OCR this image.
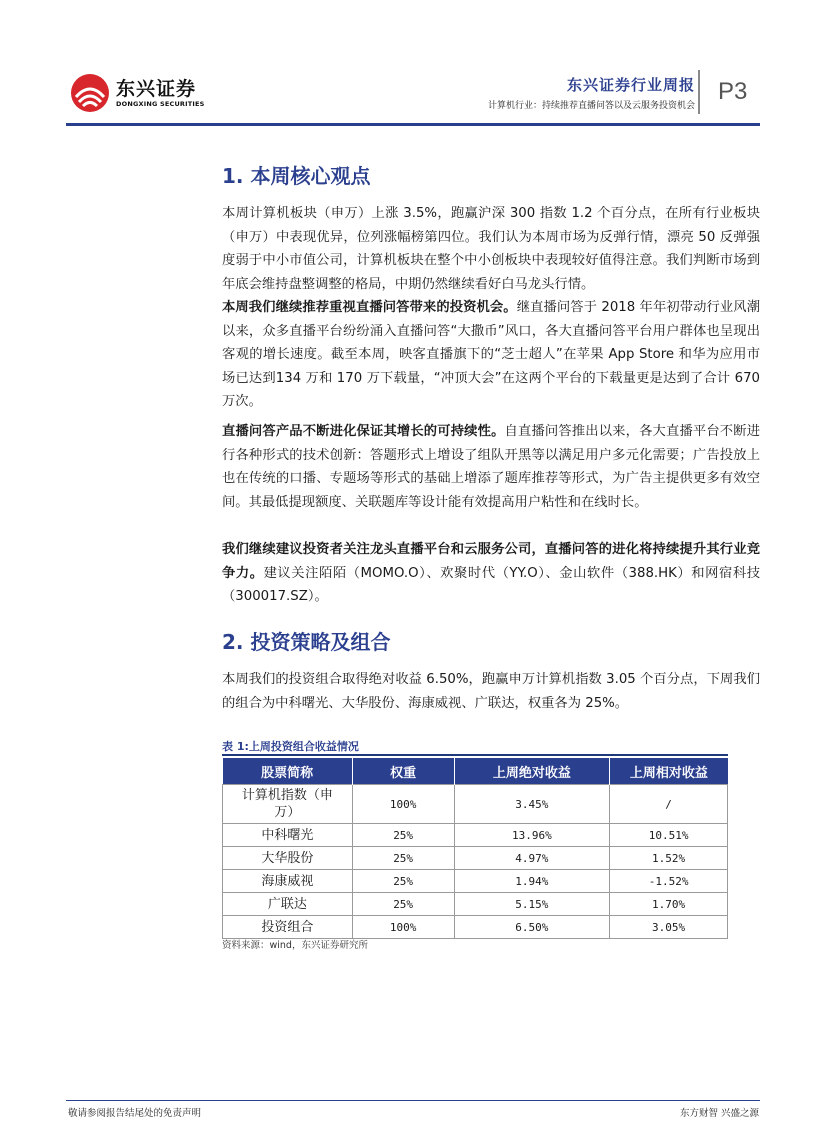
东兴证券
DONGXING SECURITIES
东兴证券行业周报
计算机行业：持续推荐直播问答以及云服务投资机会
P3
1. 本周核心观点
本周计算机板块（申万）上涨 3.5%，跑赢沪深 300 指数 1.2 个百分点，在所有行业板块（申万）中表现优异，位列涨幅榜第四位。我们认为本周市场为反弹行情，漂亮 50 反弹强度弱于中小市值公司，计算机板块在整个中小创板块中表现较好值得注意。我们判断市场到年底会维持盘整调整的格局，中期仍然继续看好白马龙头行情。
本周我们继续推荐重视直播问答带来的投资机会。继直播问答于 2018 年年初带动行业风潮以来，众多直播平台纷纷涌入直播问答“大撒币”风口，各大直播问答平台用户群体也呈现出客观的增长速度。截至本周，映客直播旗下的“芝士超人”在苹果 App Store 和华为应用市场已达到134 万和 170 万下载量，“冲顶大会”在这两个平台的下载量更是达到了合计 670 万次。
直播问答产品不断进化保证其增长的可持续性。自直播问答推出以来，各大直播平台不断进行各种形式的技术创新：答题形式上增设了组队开黑等以满足用户多元化需要；广告投放上也在传统的口播、专题场等形式的基础上增添了题库推荐等形式，为广告主提供更多有效空间。其最低提现额度、关联题库等设计能有效提高用户粘性和在线时长。
我们继续建议投资者关注龙头直播平台和云服务公司，直播问答的进化将持续提升其行业竞争力。建议关注陌陌（MOMO.O）、欢聚时代（YY.O）、金山软件（388.HK）和网宿科技（300017.SZ）。
2. 投资策略及组合
本周我们的投资组合取得绝对收益 6.50%，跑赢申万计算机指数 3.05 个百分点，下周我们的组合为中科曙光、大华股份、海康威视、广联达，权重各为 25%。
表 1:上周投资组合收益情况
股票简称	权重	上周绝对收益	上周相对收益
计算机指数（申万）	100%	3.45%	/
中科曙光	25%	13.96%	10.51%
大华股份	25%	4.97%	1.52%
海康威视	25%	1.94%	-1.52%
广联达	25%	5.15%	1.70%
投资组合	100%	6.50%	3.05%
资料来源：wind，东兴证券研究所
敬请参阅报告结尾处的免责声明	东方财智 兴盛之源
